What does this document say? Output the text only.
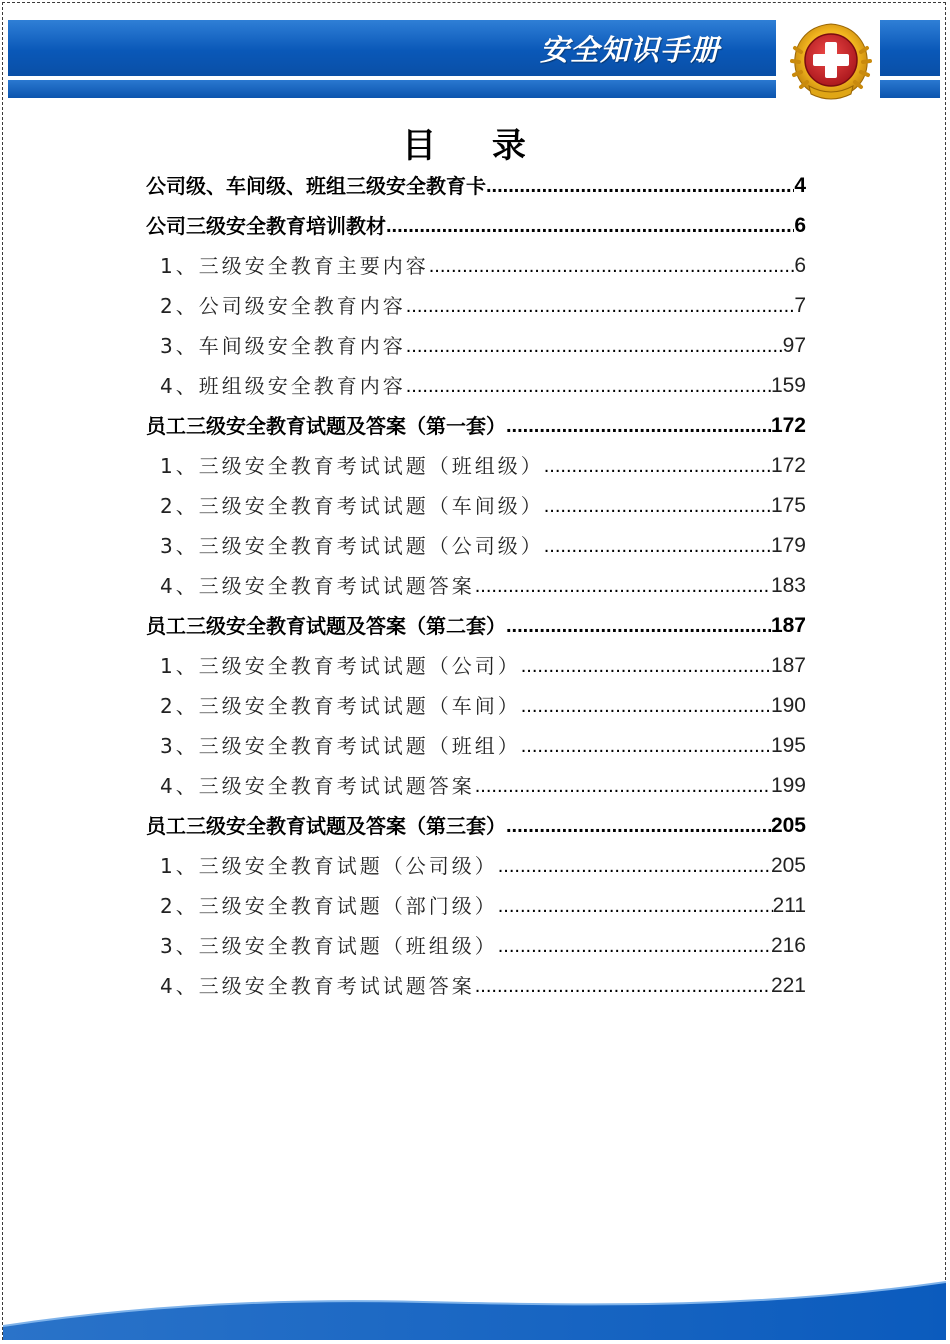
安全知识手册
目 录
公司级、车间级、班组三级安全教育卡 .....	4
公司三级安全教育培训教材 .....	6
1、三级安全教育主要内容 .....	6
2、公司级安全教育内容 .....	7
3、车间级安全教育内容 .....	97
4、班组级安全教育内容 .....	159
员工三级安全教育试题及答案（第一套） .....	172
1、三级安全教育考试试题（班组级） .....	172
2、三级安全教育考试试题（车间级） .....	175
3、三级安全教育考试试题（公司级） .....	179
4、三级安全教育考试试题答案 .....	183
员工三级安全教育试题及答案（第二套） .....	187
1、三级安全教育考试试题（公司） .....	187
2、三级安全教育考试试题（车间） .....	190
3、三级安全教育考试试题（班组） .....	195
4、三级安全教育考试试题答案 .....	199
员工三级安全教育试题及答案（第三套） .....	205
1、三级安全教育试题（公司级） .....	205
2、三级安全教育试题（部门级） .....	211
3、三级安全教育试题（班组级） .....	216
4、三级安全教育考试试题答案 .....	221
